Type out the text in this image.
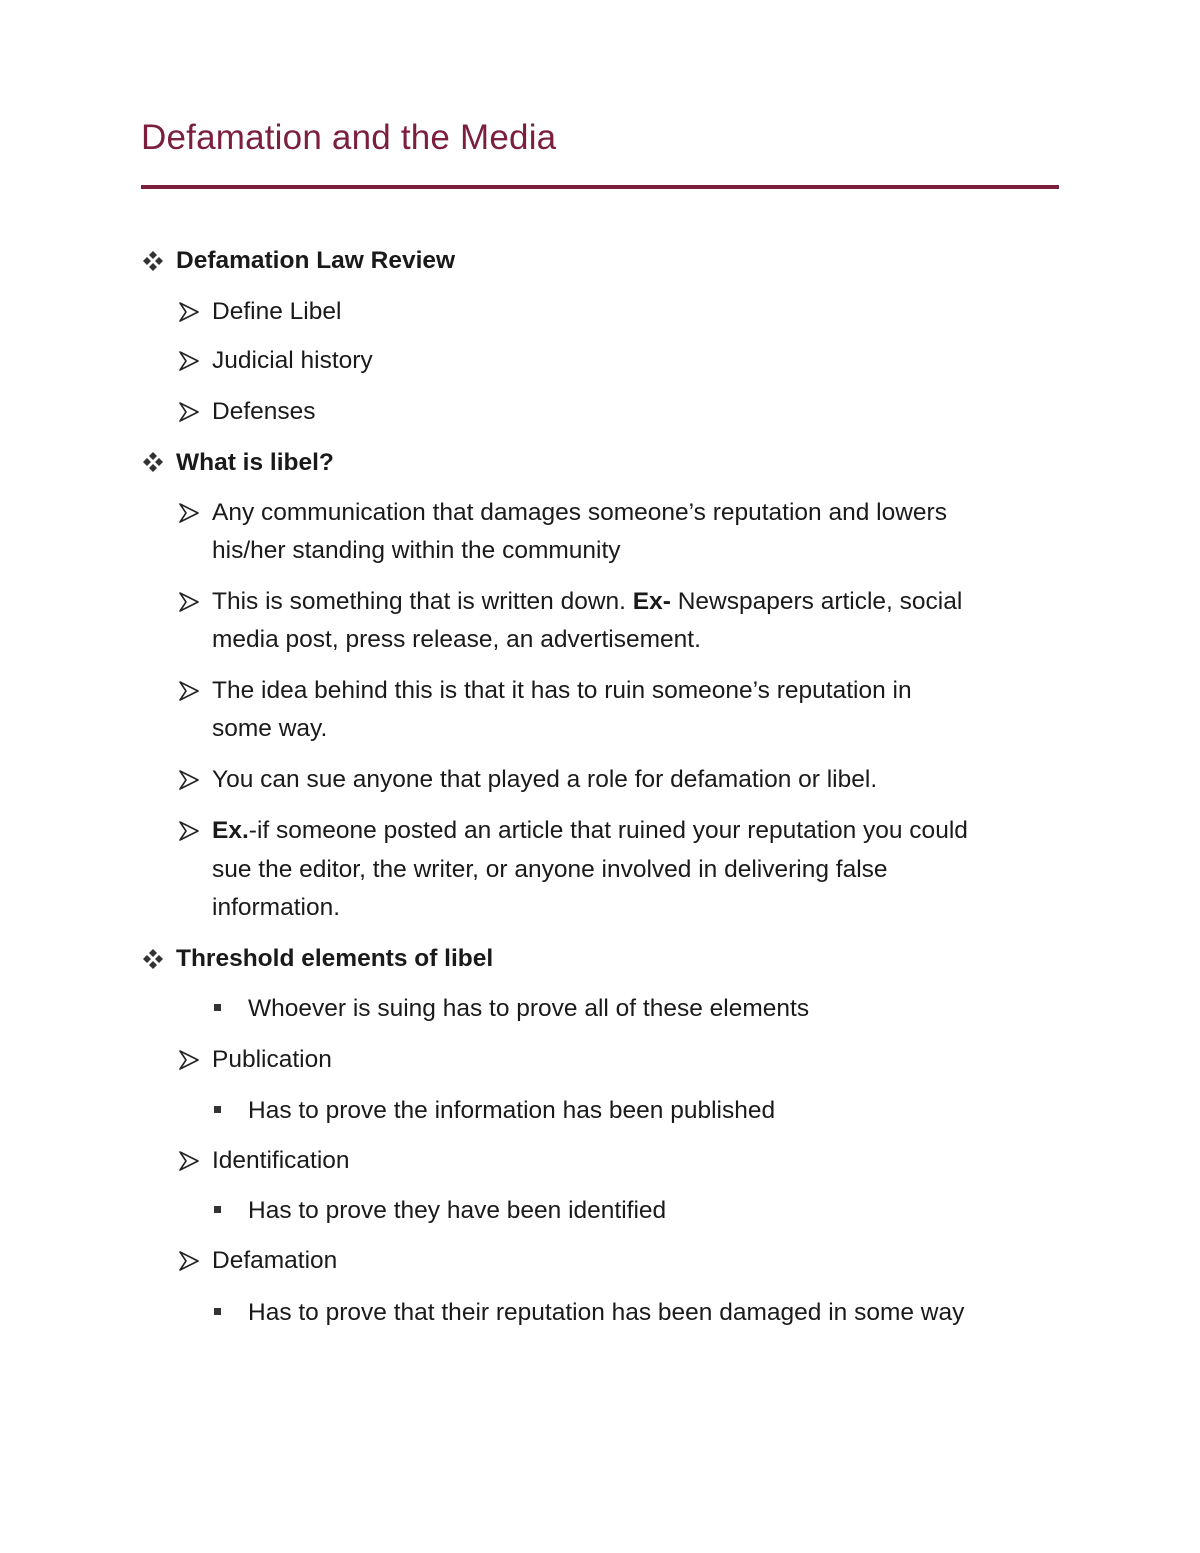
Defamation and the Media
Defamation Law Review
Define Libel
Judicial history
Defenses
What is libel?
Any communication that damages someone’s reputation and lowers
his/her standing within the community
This is something that is written down. Ex- Newspapers article, social
media post, press release, an advertisement.
The idea behind this is that it has to ruin someone’s reputation in
some way.
You can sue anyone that played a role for defamation or libel.
Ex.-if someone posted an article that ruined your reputation you could
sue the editor, the writer, or anyone involved in delivering false
information.
Threshold elements of libel
Whoever is suing has to prove all of these elements
Publication
Has to prove the information has been published
Identification
Has to prove they have been identified
Defamation
Has to prove that their reputation has been damaged in some way
